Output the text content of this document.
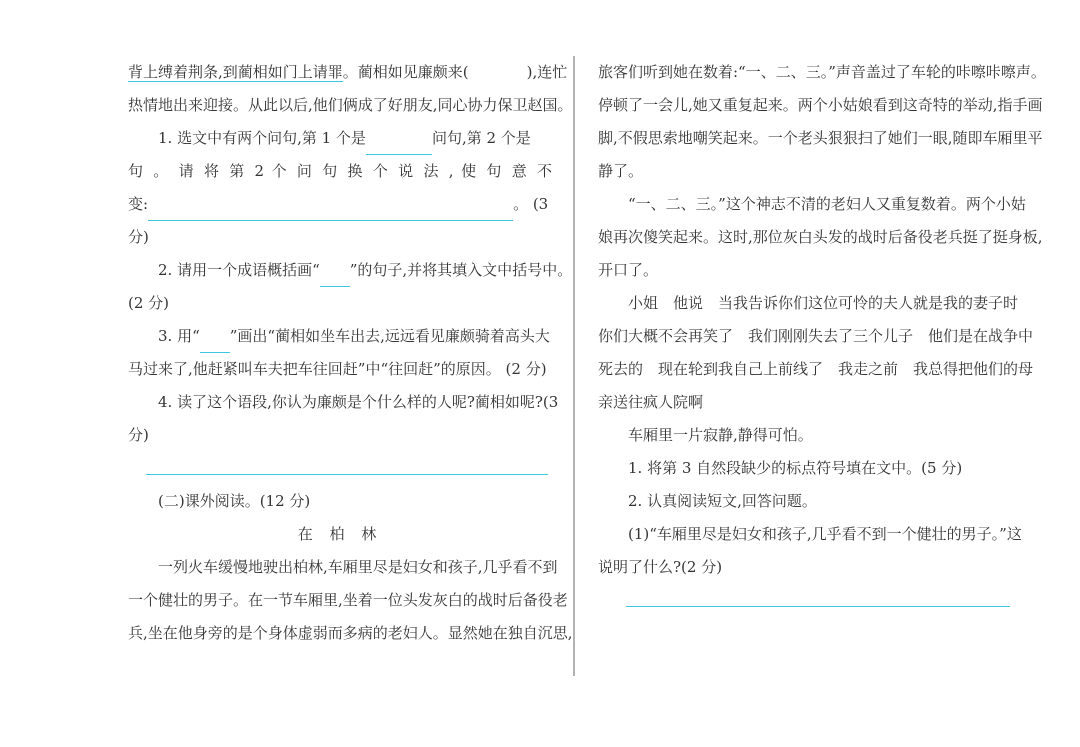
背上缚着荆条,到蔺相如门上请罪。蔺相如见廉颇来(	),连忙
热情地出来迎接。从此以后,他们俩成了好朋友,同心协力保卫赵国。
1. 选文中有两个问句,第 1 个是	问句,第 2 个是
句 。 请 将 第 2 个 问 句 换 个 说 法 , 使 句 意 不
变:	。 (3
分)
2. 请用一个成语概括画“ ”的句子,并将其填入文中括号中。
(2 分)
3. 用“ ”画出“蔺相如坐车出去,远远看见廉颇骑着高头大
马过来了,他赶紧叫车夫把车往回赶”中“往回赶”的原因。 (2 分)
4. 读了这个语段,你认为廉颇是个什么样的人呢?蔺相如呢?(3
分)
(二)课外阅读。(12 分)
在 柏 林
一列火车缓慢地驶出柏林,车厢里尽是妇女和孩子,几乎看不到
一个健壮的男子。在一节车厢里,坐着一位头发灰白的战时后备役老
兵,坐在他身旁的是个身体虚弱而多病的老妇人。显然她在独自沉思,
旅客们听到她在数着:“一、二、三。”声音盖过了车轮的咔嚓咔嚓声。
停顿了一会儿,她又重复起来。两个小姑娘看到这奇特的举动,指手画
脚,不假思索地嘲笑起来。一个老头狠狠扫了她们一眼,随即车厢里平
静了。
“一、二、三。”这个神志不清的老妇人又重复数着。两个小姑
娘再次傻笑起来。这时,那位灰白头发的战时后备役老兵挺了挺身板,
开口了。
小姐　他说　当我告诉你们这位可怜的夫人就是我的妻子时
你们大概不会再笑了　我们刚刚失去了三个儿子　他们是在战争中
死去的　现在轮到我自己上前线了　我走之前　我总得把他们的母
亲送往疯人院啊
车厢里一片寂静,静得可怕。
1. 将第 3 自然段缺少的标点符号填在文中。(5 分)
2. 认真阅读短文,回答问题。
(1)“车厢里尽是妇女和孩子,几乎看不到一个健壮的男子。”这
说明了什么?(2 分)
